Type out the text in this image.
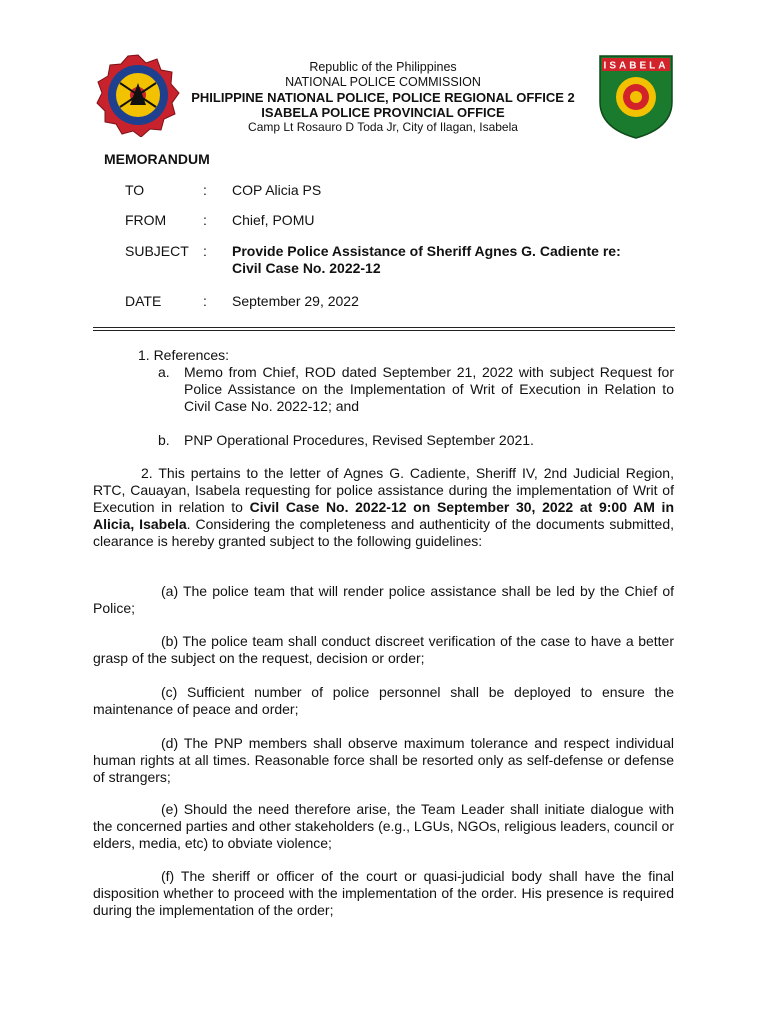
Republic of the Philippines
NATIONAL POLICE COMMISSION
PHILIPPINE NATIONAL POLICE, POLICE REGIONAL OFFICE 2
ISABELA POLICE PROVINCIAL OFFICE
Camp Lt Rosauro D Toda Jr, City of Ilagan, Isabela
ISABELA
MEMORANDUM
TO	: COP Alicia PS
FROM	: Chief, POMU
SUBJECT	: Provide Police Assistance of Sheriff Agnes G. Cadiente re:
Civil Case No. 2022-12
DATE	: September 29, 2022
1. References:
a.	Memo from Chief, ROD dated September 21, 2022 with subject Request for Police Assistance on the Implementation of Writ of Execution in Relation to Civil Case No. 2022-12; and
b.	PNP Operational Procedures, Revised September 2021.
2. This pertains to the letter of Agnes G. Cadiente, Sheriff IV, 2nd Judicial Region, RTC, Cauayan, Isabela requesting for police assistance during the implementation of Writ of Execution in relation to Civil Case No. 2022-12 on September 30, 2022 at 9:00 AM in Alicia, Isabela. Considering the completeness and authenticity of the documents submitted, clearance is hereby granted subject to the following guidelines:
(a) The police team that will render police assistance shall be led by the Chief of Police;
(b) The police team shall conduct discreet verification of the case to have a better grasp of the subject on the request, decision or order;
(c) Sufficient number of police personnel shall be deployed to ensure the maintenance of peace and order;
(d) The PNP members shall observe maximum tolerance and respect individual human rights at all times. Reasonable force shall be resorted only as self-defense or defense of strangers;
(e) Should the need therefore arise, the Team Leader shall initiate dialogue with the concerned parties and other stakeholders (e.g., LGUs, NGOs, religious leaders, council or elders, media, etc) to obviate violence;
(f) The sheriff or officer of the court or quasi-judicial body shall have the final disposition whether to proceed with the implementation of the order. His presence is required during the implementation of the order;
